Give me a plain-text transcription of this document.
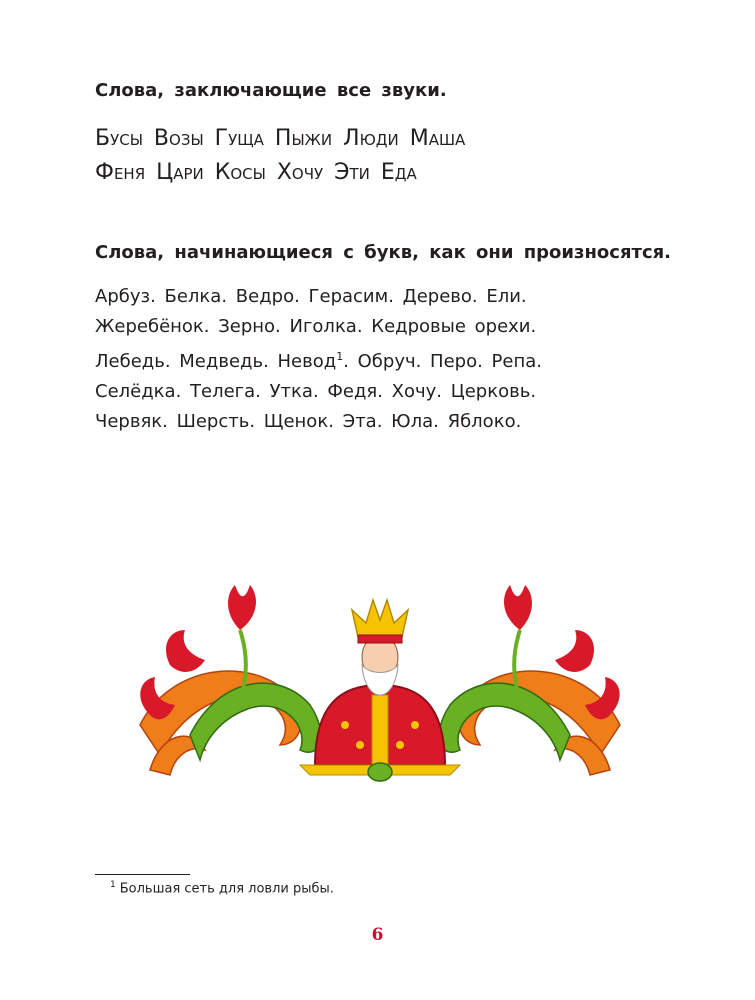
Слова, заключающие все звуки.
Бусы Возы Гуща Пыжи Люди Маша
Феня Цари Косы Хочу Эти Еда
Слова, начинающиеся с букв, как они произносятся.
Арбуз. Белка. Ведро. Герасим. Дерево. Ели.
Жеребёнок. Зерно. Иголка. Кедровые орехи.
Лебедь. Медведь. Невод$^1$. Обруч. Перо. Репа.
Селёдка. Телега. Утка. Федя. Хочу. Церковь.
Червяк. Шерсть. Щенок. Эта. Юла. Яблоко.
$^1$ Большая сеть для ловли рыбы.
6
